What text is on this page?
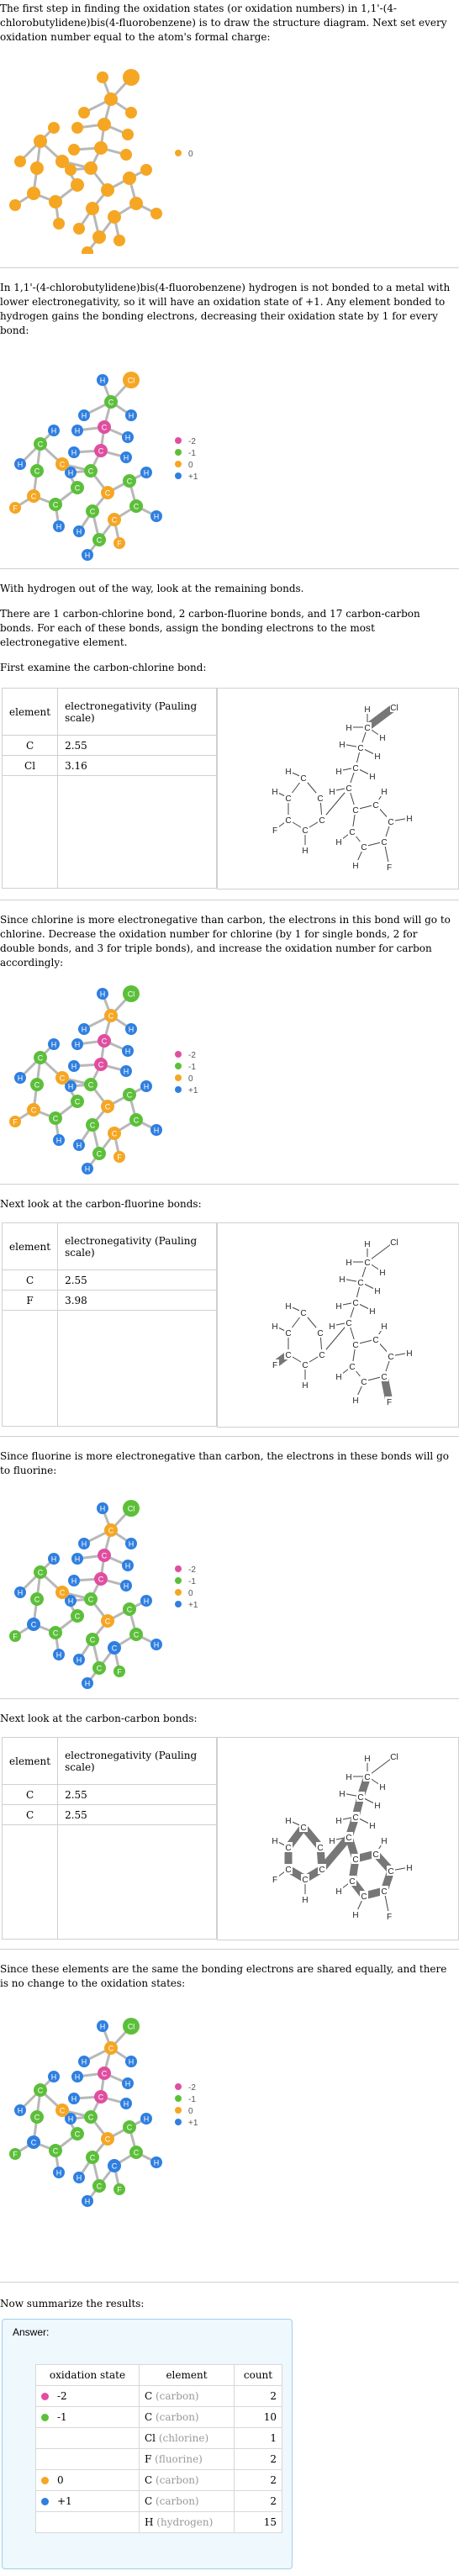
The first step in finding the oxidation states (or oxidation numbers) in 1,1'-(4-chlorobutylidene)bis(4-fluorobenzene) is to draw the structure diagram. Next set every oxidation number equal to the atom's formal charge:

0

In 1,1'-(4-chlorobutylidene)bis(4-fluorobenzene) hydrogen is not bonded to a metal with lower electronegativity, so it will have an oxidation state of +1. Any element bonded to hydrogen gains the bonding electrons, decreasing their oxidation state by 1 for every bond:

H	Cl
C
H	H
C
H
H
C
H
H
C
H
C
H
H
C
C
C
F	C
C
H
C
C
H
C
H
C
F
C
H
C
H
-2
-1
0
+1

With hydrogen out of the way, look at the remaining bonds.

There are 1 carbon-chlorine bond, 2 carbon-fluorine bonds, and 17 carbon-carbon bonds. For each of these bonds, assign the bonding electrons to the most electronegative element.

First examine the carbon-chlorine bond:

element	electronegativity (Pauling scale)
C	2.55
Cl	3.16

H Cl
C
H
H
C
H
H
C
H
H
C
H
C
H
C
H
C
C
F	C
H
C
C
C
H
C H
C
F
C
H
C
H

Since chlorine is more electronegative than carbon, the electrons in this bond will go to chlorine. Decrease the oxidation number for chlorine (by 1 for single bonds, 2 for double bonds, and 3 for triple bonds), and increase the oxidation number for carbon accordingly:

H	Cl
C
H	H
C
H
H
C
H
H
C
H
C
H
H
C
C
C
F	C
C
H
C
C
H
C
H
C
F
C
H
C
H
-2
-1
0
+1

Next look at the carbon-fluorine bonds:

element	electronegativity (Pauling scale)
C	2.55
F	3.98

H Cl
C
H
H
C
H
H
C
H
H
C
H
C
H
C
H
C
C
F	C
H
C
C
C
H
C H
C
F
C
H
C
H

Since fluorine is more electronegative than carbon, the electrons in these bonds will go to fluorine:

H	Cl
C
H	H
C
H
H
C
H
H
C
H
C
H
H
C
C
C
F	C
C
H
C
C
H
C
H
C
F
C
H
C
H
-2
-1
0
+1

Next look at the carbon-carbon bonds:

element	electronegativity (Pauling scale)
C	2.55
C	2.55

H Cl
C
H
H
C
H
H
C
H
H
C
H
C
H
C
H
C
C
F	C
H
C
C
C
H
C H
C
F
C
H
C
H

Since these elements are the same the bonding electrons are shared equally, and there is no change to the oxidation states:

H	Cl
C
H	H
C
H
H
C
H
H
C
H
C
H
H
C
C
C
F	C
C
H
C
C
H
C
H
C
F
C
H
C
H
-2
-1
0
+1

Now summarize the results:

Answer:
oxidation state	element	count
-2	C (carbon)	2
-1	C (carbon)	10
	Cl (chlorine)	1
	F (fluorine)	2
0	C (carbon)	2
+1	C (carbon)	2
	H (hydrogen)	15
